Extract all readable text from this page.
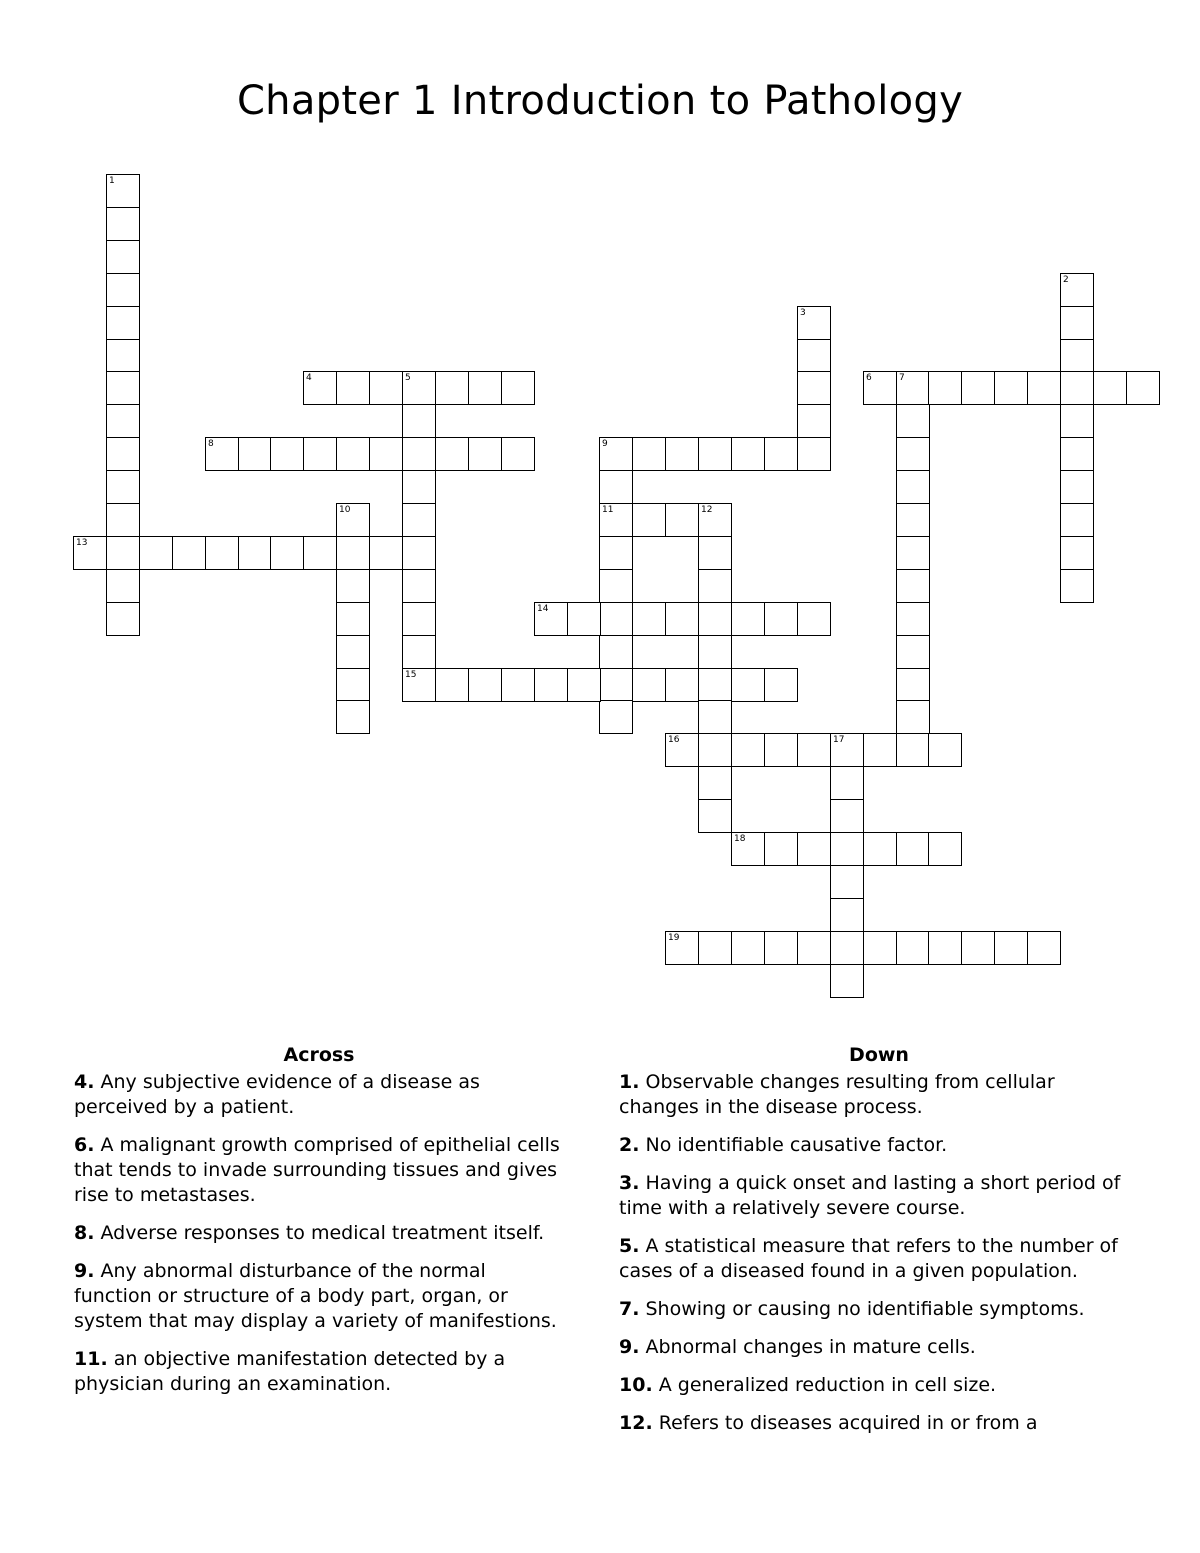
Chapter 1 Introduction to Pathology
1
2
3
4	5
15
6	7
8	9
11
10	12
13
14
16	17
18
19
Across
4. Any subjective evidence of a disease as perceived by a patient.
6. A malignant growth comprised of epithelial cells that tends to invade surrounding tissues and gives rise to metastases.
8. Adverse responses to medical treatment itself.
9. Any abnormal disturbance of the normal function or structure of a body part, organ, or system that may display a variety of manifestions.
11. an objective manifestation detected by a physician during an examination.
Down
1. Observable changes resulting from cellular changes in the disease process.
2. No identifiable causative factor.
3. Having a quick onset and lasting a short period of time with a relatively severe course.
5. A statistical measure that refers to the number of cases of a diseased found in a given population.
7. Showing or causing no identifiable symptoms.
9. Abnormal changes in mature cells.
10. A generalized reduction in cell size.
12. Refers to diseases acquired in or from a
